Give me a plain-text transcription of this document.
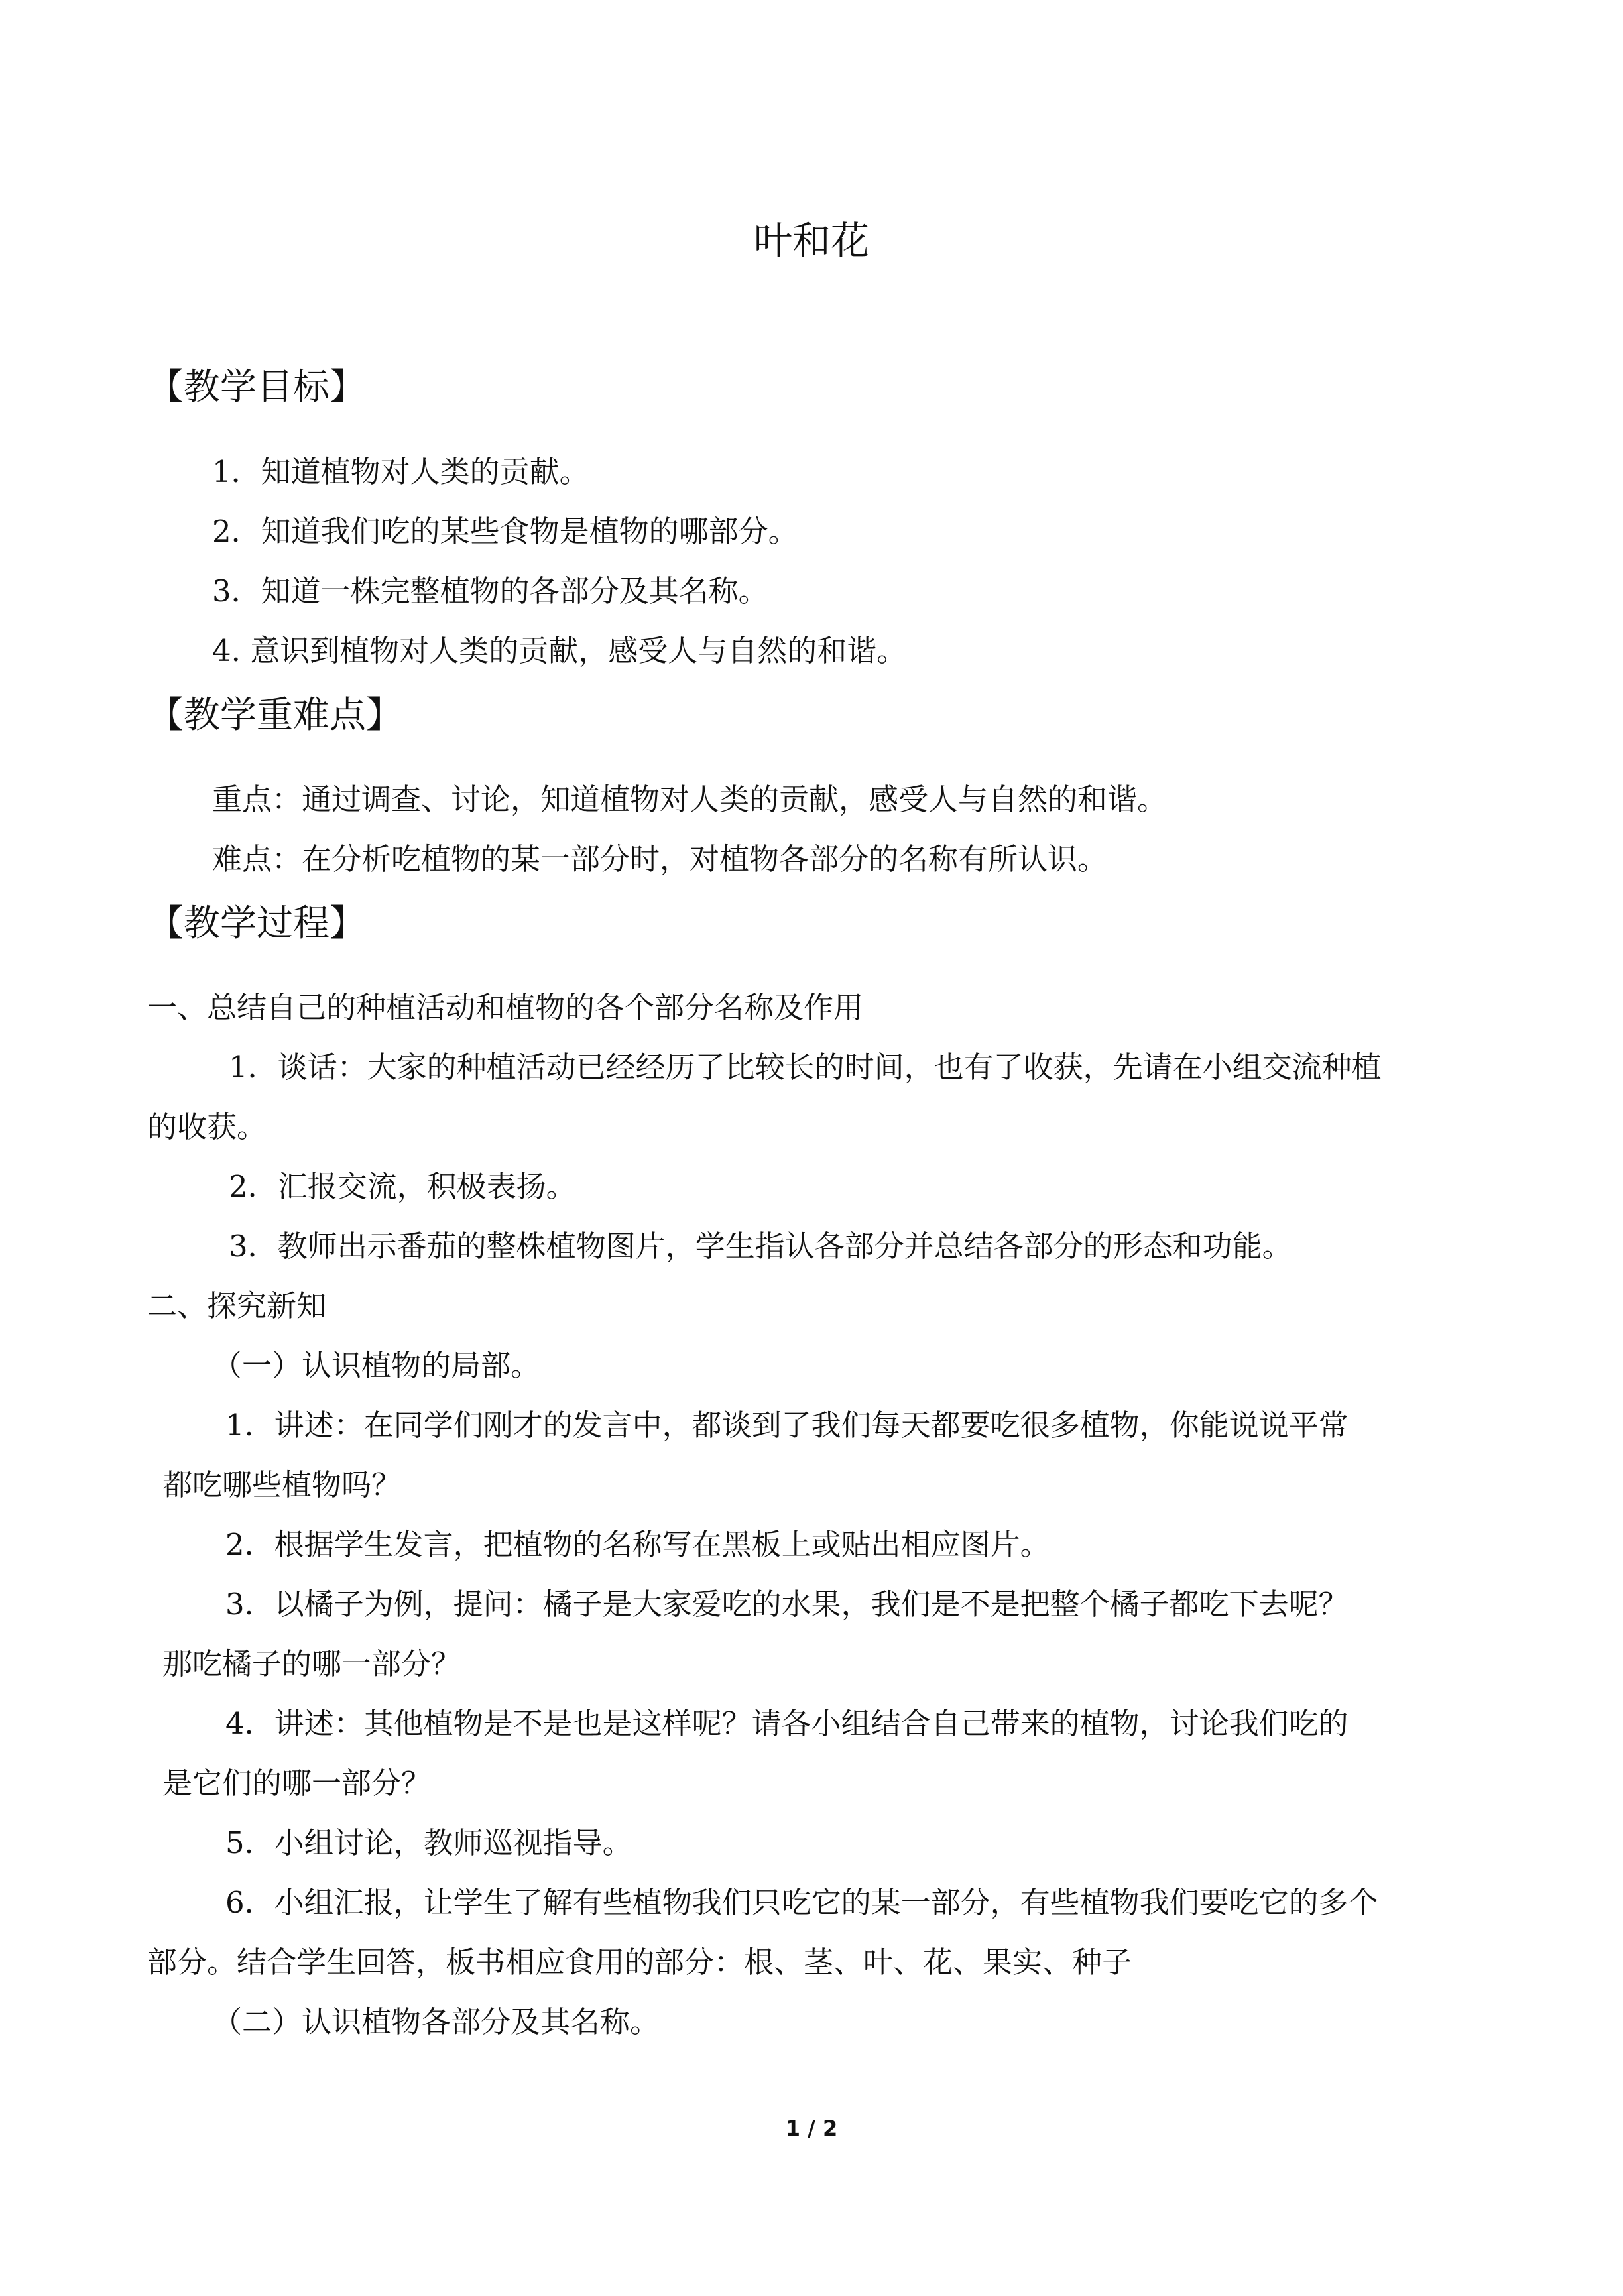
叶和花
【教学目标】
1．知道植物对人类的贡献。
2．知道我们吃的某些食物是植物的哪部分。
3．知道一株完整植物的各部分及其名称。
4. 意识到植物对人类的贡献，感受人与自然的和谐。
【教学重难点】
重点：通过调查、讨论，知道植物对人类的贡献，感受人与自然的和谐。
难点：在分析吃植物的某一部分时，对植物各部分的名称有所认识。
【教学过程】
一、总结自己的种植活动和植物的各个部分名称及作用
1．谈话：大家的种植活动已经经历了比较长的时间，也有了收获，先请在小组交流种植
的收获。
2．汇报交流，积极表扬。
3．教师出示番茄的整株植物图片，学生指认各部分并总结各部分的形态和功能。
二、探究新知
（一）认识植物的局部。
1．讲述：在同学们刚才的发言中，都谈到了我们每天都要吃很多植物，你能说说平常
都吃哪些植物吗？
2．根据学生发言，把植物的名称写在黑板上或贴出相应图片。
3．以橘子为例，提问：橘子是大家爱吃的水果，我们是不是把整个橘子都吃下去呢？
那吃橘子的哪一部分？
4．讲述：其他植物是不是也是这样呢？请各小组结合自己带来的植物，讨论我们吃的
是它们的哪一部分？
5．小组讨论，教师巡视指导。
6．小组汇报，让学生了解有些植物我们只吃它的某一部分，有些植物我们要吃它的多个
部分。结合学生回答，板书相应食用的部分：根、茎、叶、花、果实、种子
（二）认识植物各部分及其名称。
1 / 2
